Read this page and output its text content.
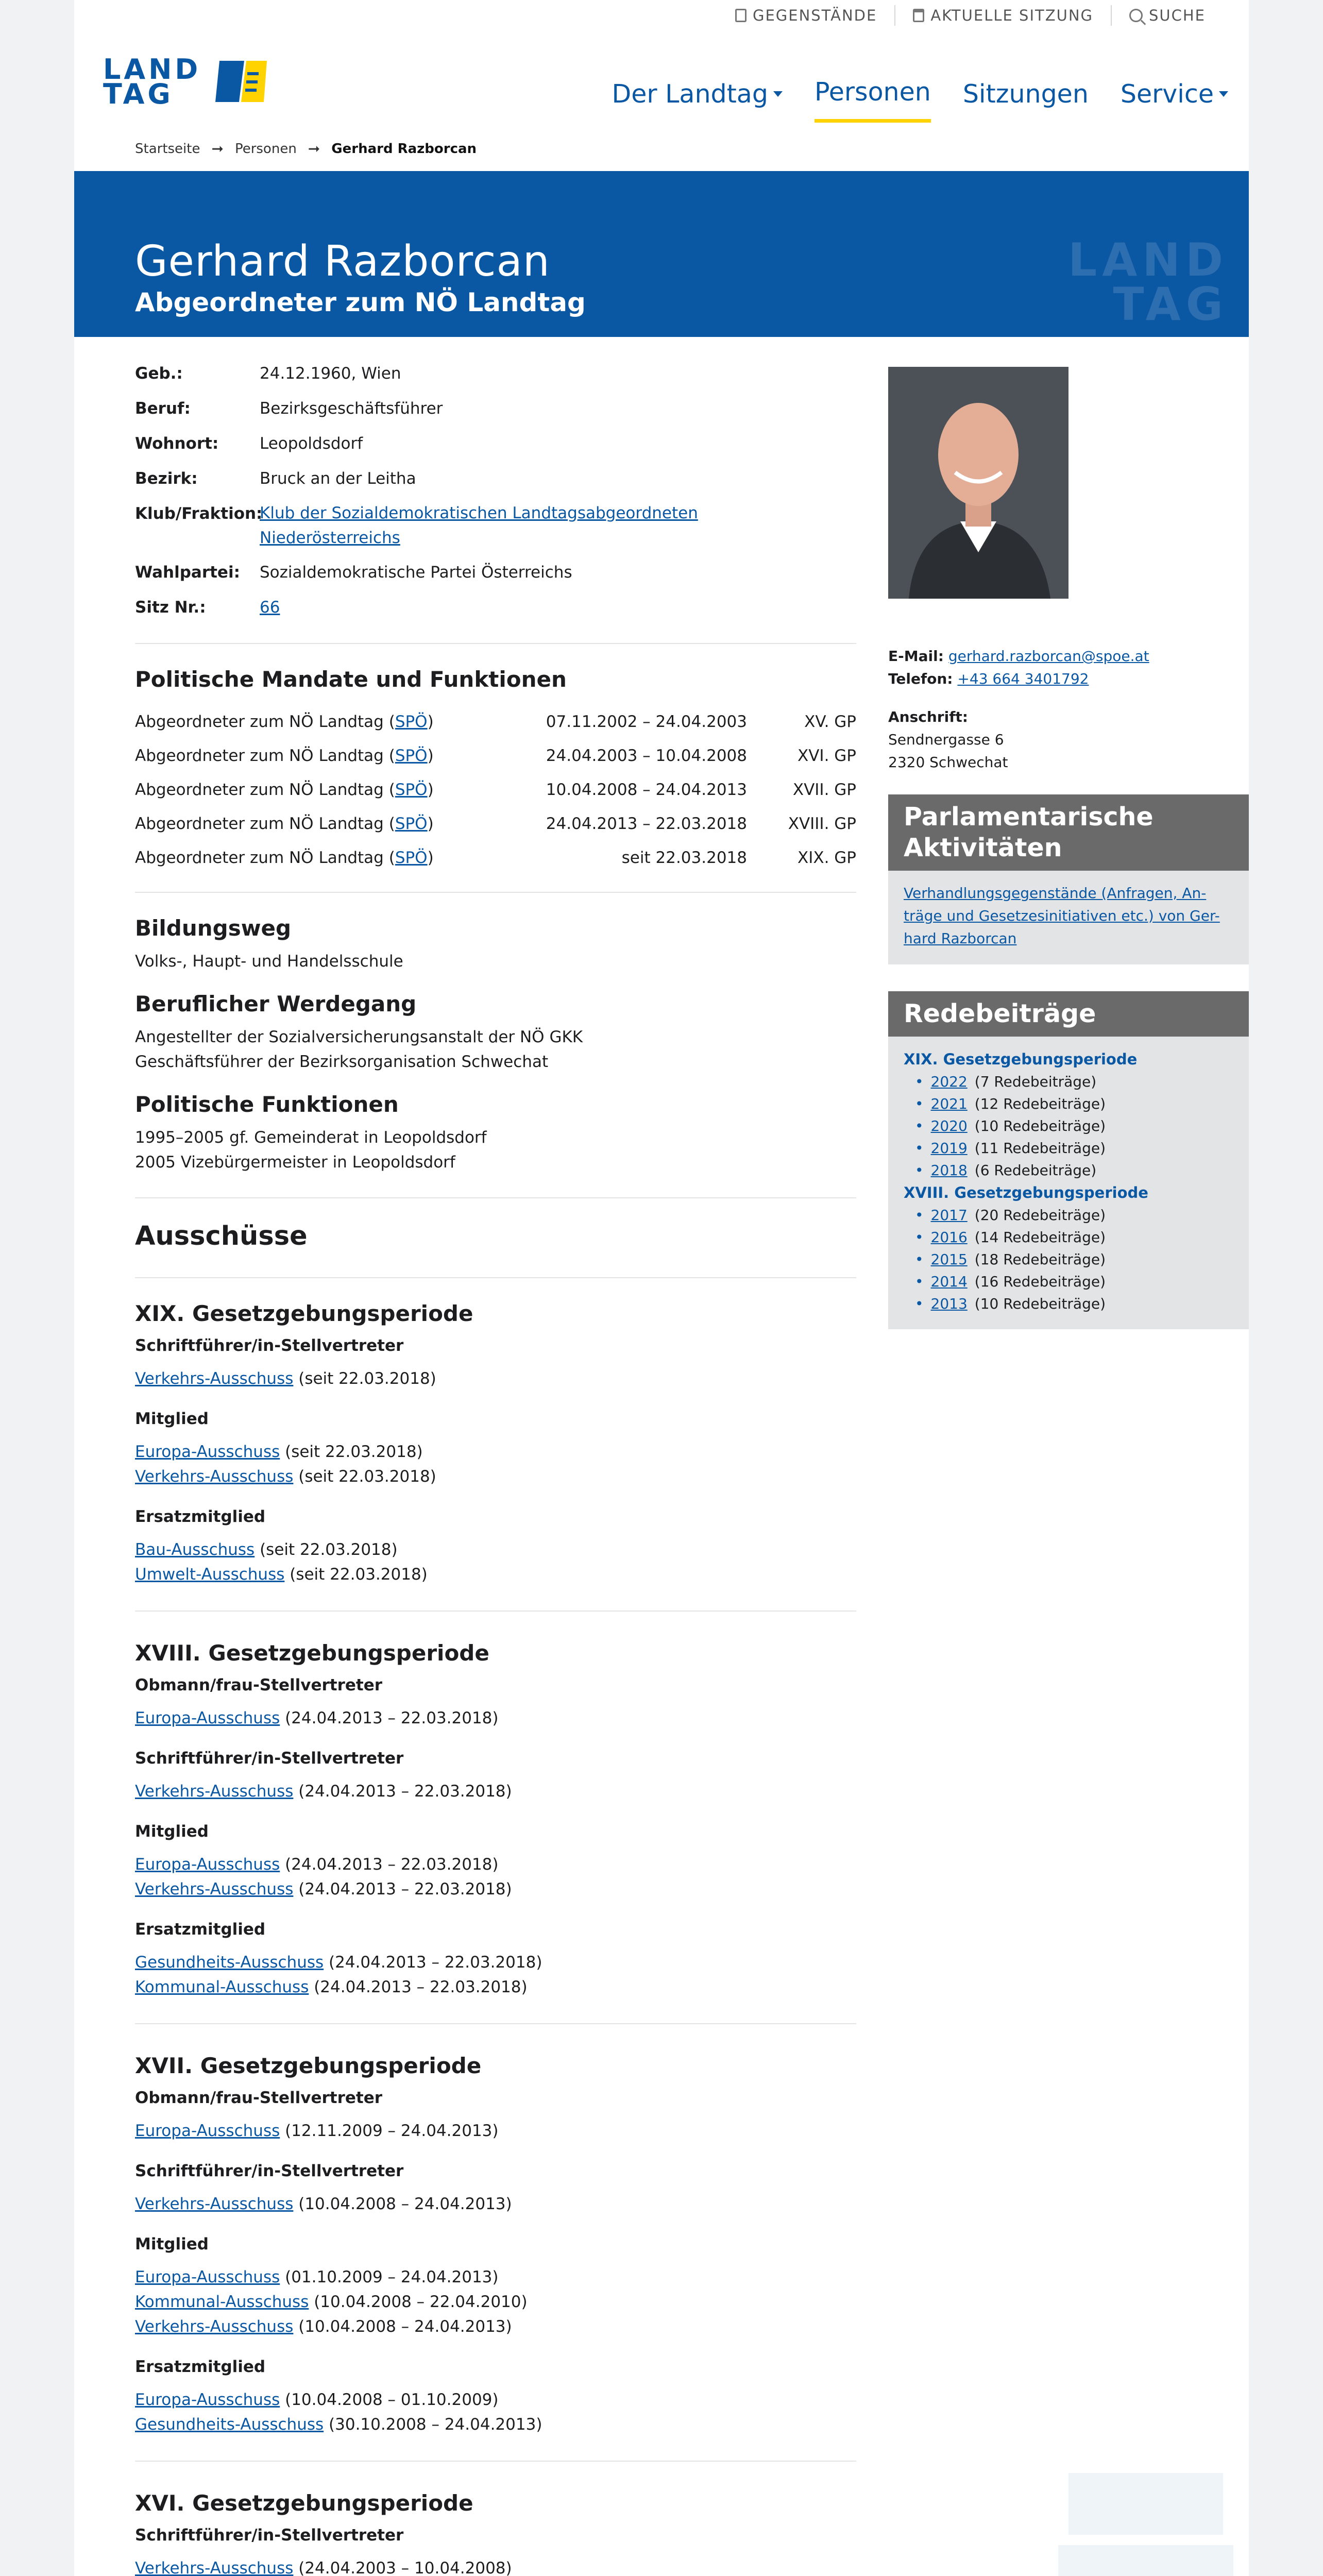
GEGENSTÄNDE	AKTUELLE SITZUNG	SUCHE
LAND
TAG	Der Landtag Personen Sitzungen Service
Startseite ➞ Personen ➞ Gerhard Razborcan
Gerhard Razborcan
Abgeordneter zum NÖ Landtag
LAND
TAG
Geb.:	24.12.1960, Wien
Beruf:	Bezirksgeschäftsführer
Wohnort:	Leopoldsdorf
Bezirk:	Bruck an der Leitha
Klub/Fraktion:
Klub der Sozialdemokratischen Landtagsabgeordneten
Niederösterreichs
Wahlpartei:	Sozialdemokratische Partei Österreichs
Sitz Nr.:	66
Politische Mandate und Funktionen
Abgeordneter zum NÖ Landtag (SPÖ)	07.11.2002 – 24.04.2003	XV. GP
Abgeordneter zum NÖ Landtag (SPÖ)	24.04.2003 – 10.04.2008	XVI. GP
Abgeordneter zum NÖ Landtag (SPÖ)	10.04.2008 – 24.04.2013	XVII. GP
Abgeordneter zum NÖ Landtag (SPÖ)	24.04.2013 – 22.03.2018	XVIII. GP
Abgeordneter zum NÖ Landtag (SPÖ)	seit 22.03.2018	XIX. GP
Bildungsweg
Volks-, Haupt- und Handelsschule
Beruflicher Werdegang
Angestellter der Sozialversicherungsanstalt der NÖ GKK
Geschäftsführer der Bezirksorganisation Schwechat
Politische Funktionen
1995–2005 gf. Gemeinderat in Leopoldsdorf
2005 Vizebürgermeister in Leopoldsdorf
Ausschüsse
XIX. Gesetzgebungsperiode
Schriftführer/in-Stellvertreter
Verkehrs-Ausschuss (seit 22.03.2018)
Mitglied
Europa-Ausschuss (seit 22.03.2018)
Verkehrs-Ausschuss (seit 22.03.2018)
Ersatzmitglied
Bau-Ausschuss (seit 22.03.2018)
Umwelt-Ausschuss (seit 22.03.2018)
XVIII. Gesetzgebungsperiode
Obmann/frau-Stellvertreter
Europa-Ausschuss (24.04.2013 – 22.03.2018)
Schriftführer/in-Stellvertreter
Verkehrs-Ausschuss (24.04.2013 – 22.03.2018)
Mitglied
Europa-Ausschuss (24.04.2013 – 22.03.2018)
Verkehrs-Ausschuss (24.04.2013 – 22.03.2018)
Ersatzmitglied
Gesundheits-Ausschuss (24.04.2013 – 22.03.2018)
Kommunal-Ausschuss (24.04.2013 – 22.03.2018)
XVII. Gesetzgebungsperiode
Obmann/frau-Stellvertreter
Europa-Ausschuss (12.11.2009 – 24.04.2013)
Schriftführer/in-Stellvertreter
Verkehrs-Ausschuss (10.04.2008 – 24.04.2013)
Mitglied
Europa-Ausschuss (01.10.2009 – 24.04.2013)
Kommunal-Ausschuss (10.04.2008 – 22.04.2010)
Verkehrs-Ausschuss (10.04.2008 – 24.04.2013)
Ersatzmitglied
Europa-Ausschuss (10.04.2008 – 01.10.2009)
Gesundheits-Ausschuss (30.10.2008 – 24.04.2013)
XVI. Gesetzgebungsperiode
Schriftführer/in-Stellvertreter
Verkehrs-Ausschuss (24.04.2003 – 10.04.2008)
E-Mail: gerhard.razborcan@spoe.at
Telefon: +43 664 3401792
Anschrift:
Sendnergasse 6
2320 Schwechat
Parlamentarische
Aktivitäten
Verhandlungsgegenstände (Anfragen, An-
träge und Gesetzesinitiativen etc.) von Ger-
hard Razborcan
Redebeiträge
XIX. Gesetzgebungsperiode
• 2022 (7 Redebeiträge)
• 2021 (12 Redebeiträge)
• 2020 (10 Redebeiträge)
• 2019 (11 Redebeiträge)
• 2018 (6 Redebeiträge)
XVIII. Gesetzgebungsperiode
• 2017 (20 Redebeiträge)
• 2016 (14 Redebeiträge)
• 2015 (18 Redebeiträge)
• 2014 (16 Redebeiträge)
• 2013 (10 Redebeiträge)
